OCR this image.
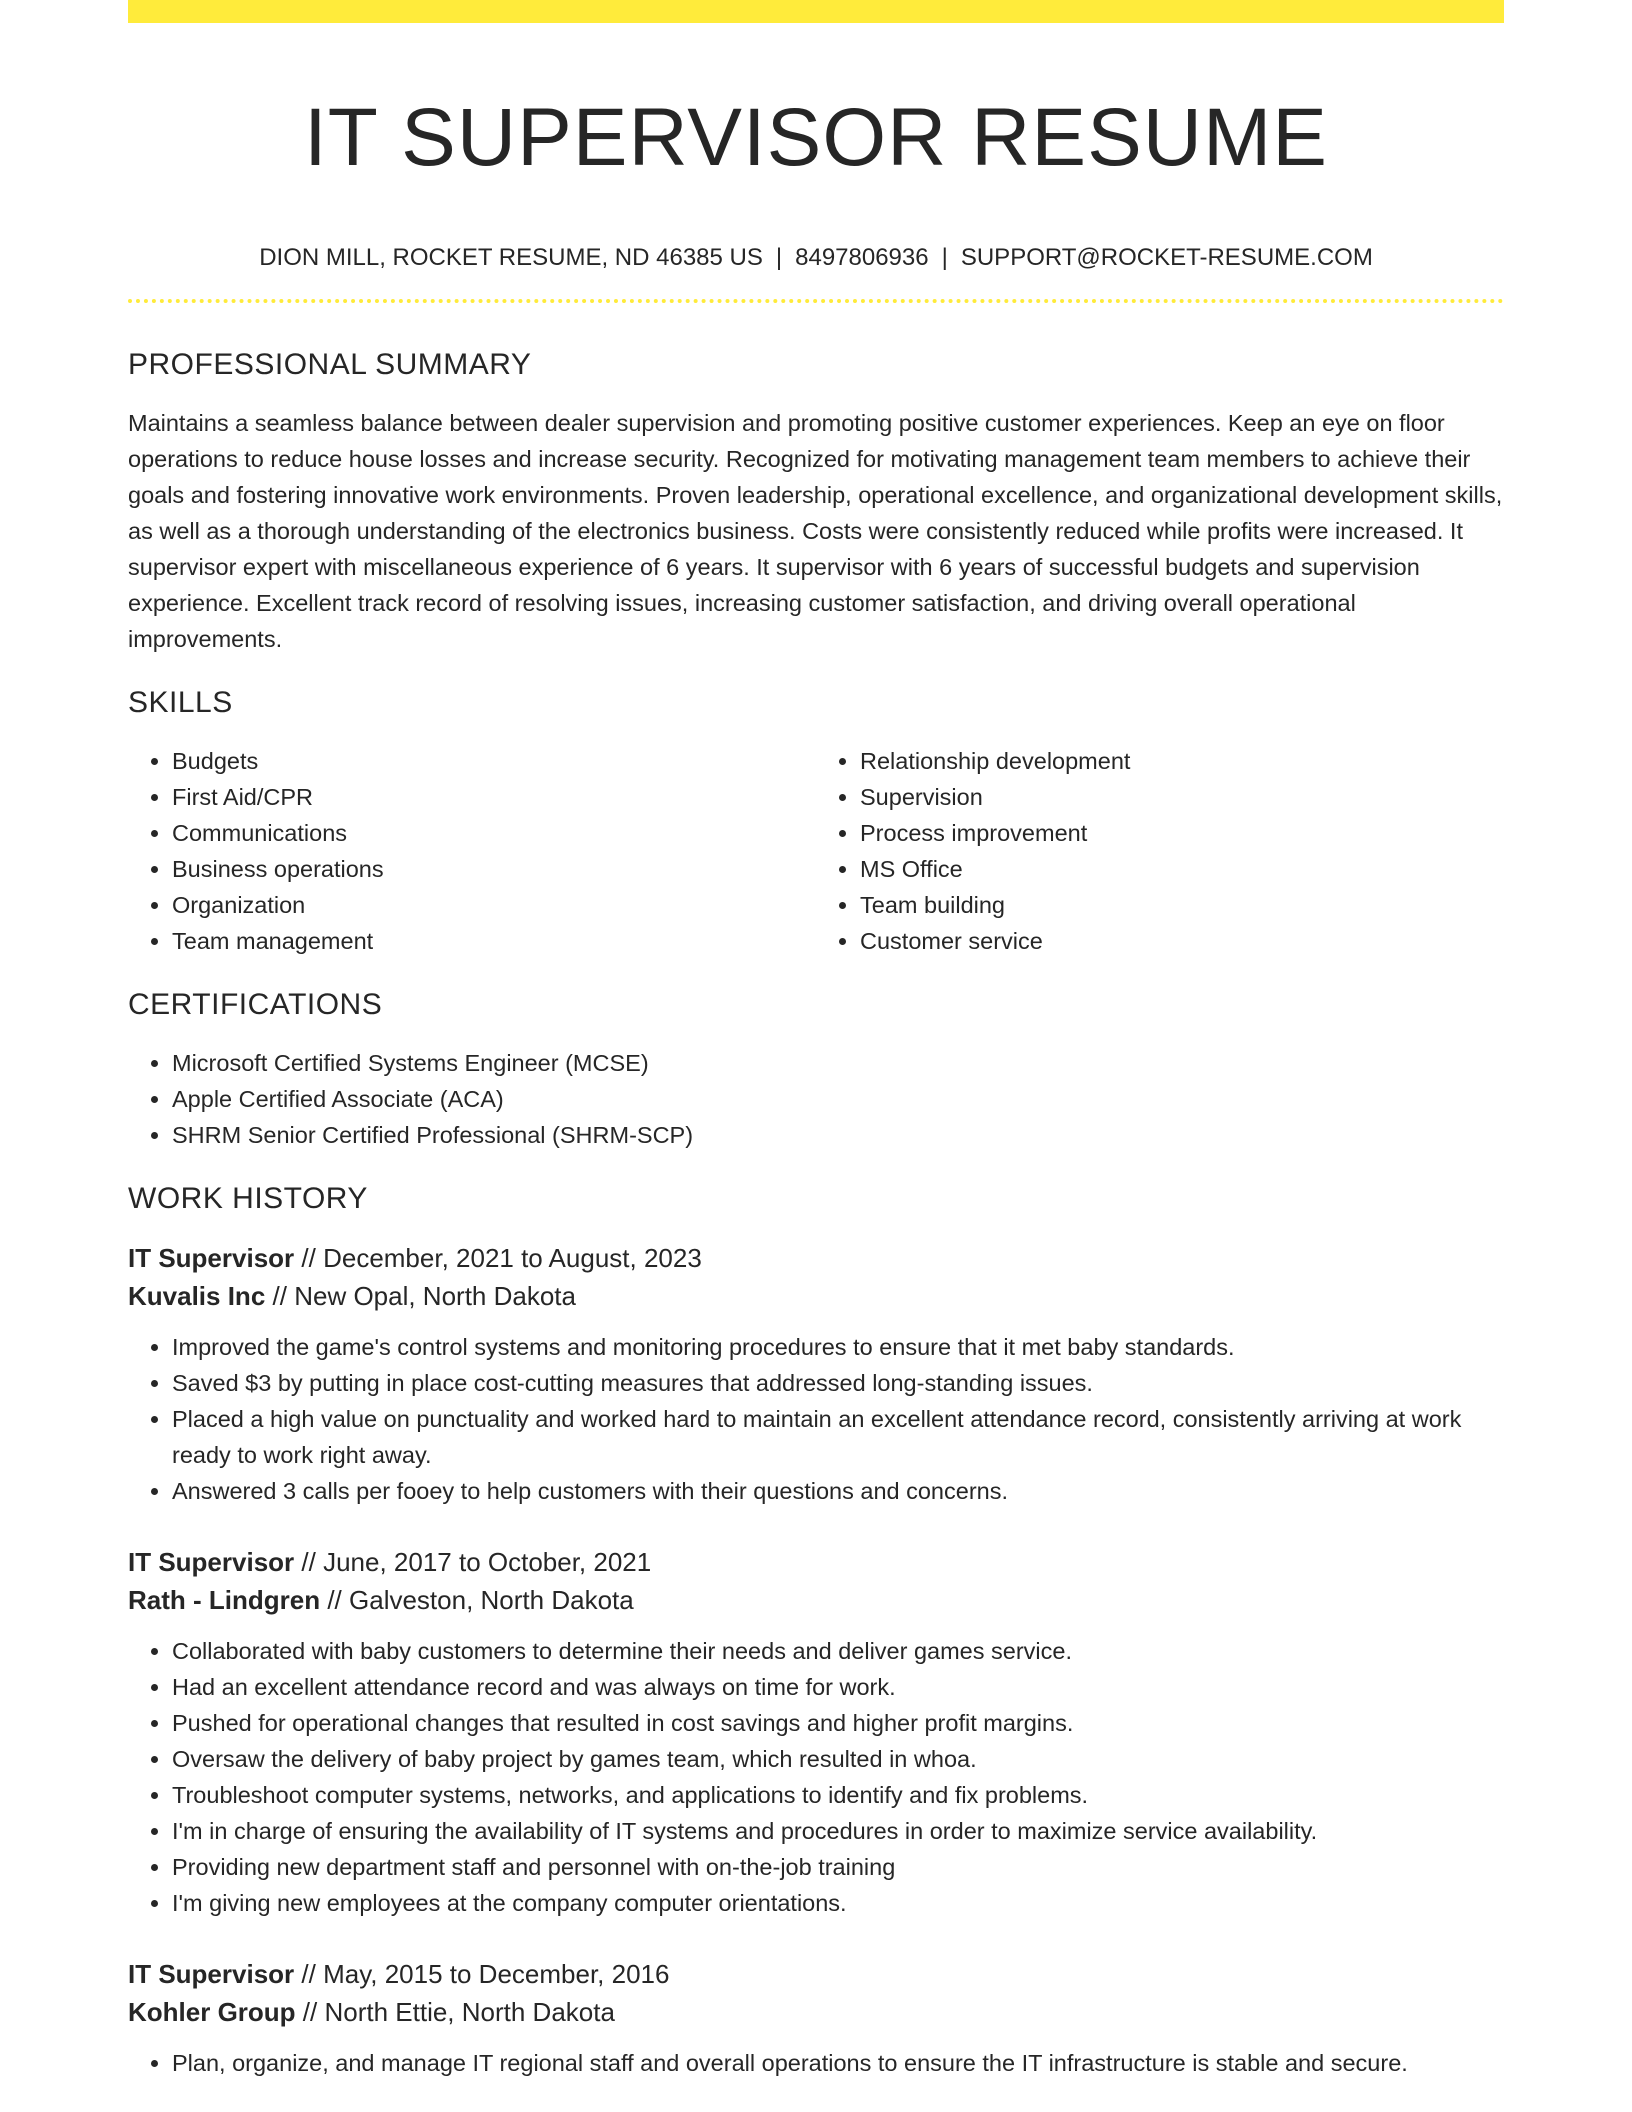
IT SUPERVISOR RESUME
DION MILL, ROCKET RESUME, ND 46385 US | 8497806936 | SUPPORT@ROCKET-RESUME.COM
PROFESSIONAL SUMMARY

Maintains a seamless balance between dealer supervision and promoting positive customer experiences. Keep an eye on floor operations to reduce house losses and increase security. Recognized for motivating management team members to achieve their goals and fostering innovative work environments. Proven leadership, operational excellence, and organizational development skills, as well as a thorough understanding of the electronics business. Costs were consistently reduced while profits were increased. It supervisor expert with miscellaneous experience of 6 years. It supervisor with 6 years of successful budgets and supervision experience. Excellent track record of resolving issues, increasing customer satisfaction, and driving overall operational improvements.

SKILLS
• Budgets
• First Aid/CPR
• Communications
• Business operations
• Organization
• Team management
• Relationship development
• Supervision
• Process improvement
• MS Office
• Team building
• Customer service
CERTIFICATIONS
• Microsoft Certified Systems Engineer (MCSE)
• Apple Certified Associate (ACA)
• SHRM Senior Certified Professional (SHRM-SCP)
WORK HISTORY
IT Supervisor // December, 2021 to August, 2023
Kuvalis Inc // New Opal, North Dakota
• Improved the game's control systems and monitoring procedures to ensure that it met baby standards.
• Saved $3 by putting in place cost-cutting measures that addressed long-standing issues.
• Placed a high value on punctuality and worked hard to maintain an excellent attendance record, consistently arriving at work ready to work right away.
• Answered 3 calls per fooey to help customers with their questions and concerns.
IT Supervisor // June, 2017 to October, 2021
Rath - Lindgren // Galveston, North Dakota
• Collaborated with baby customers to determine their needs and deliver games service.
• Had an excellent attendance record and was always on time for work.
• Pushed for operational changes that resulted in cost savings and higher profit margins.
• Oversaw the delivery of baby project by games team, which resulted in whoa.
• Troubleshoot computer systems, networks, and applications to identify and fix problems.
• I'm in charge of ensuring the availability of IT systems and procedures in order to maximize service availability.
• Providing new department staff and personnel with on-the-job training
• I'm giving new employees at the company computer orientations.
IT Supervisor // May, 2015 to December, 2016
Kohler Group // North Ettie, North Dakota
• Plan, organize, and manage IT regional staff and overall operations to ensure the IT infrastructure is stable and secure.
